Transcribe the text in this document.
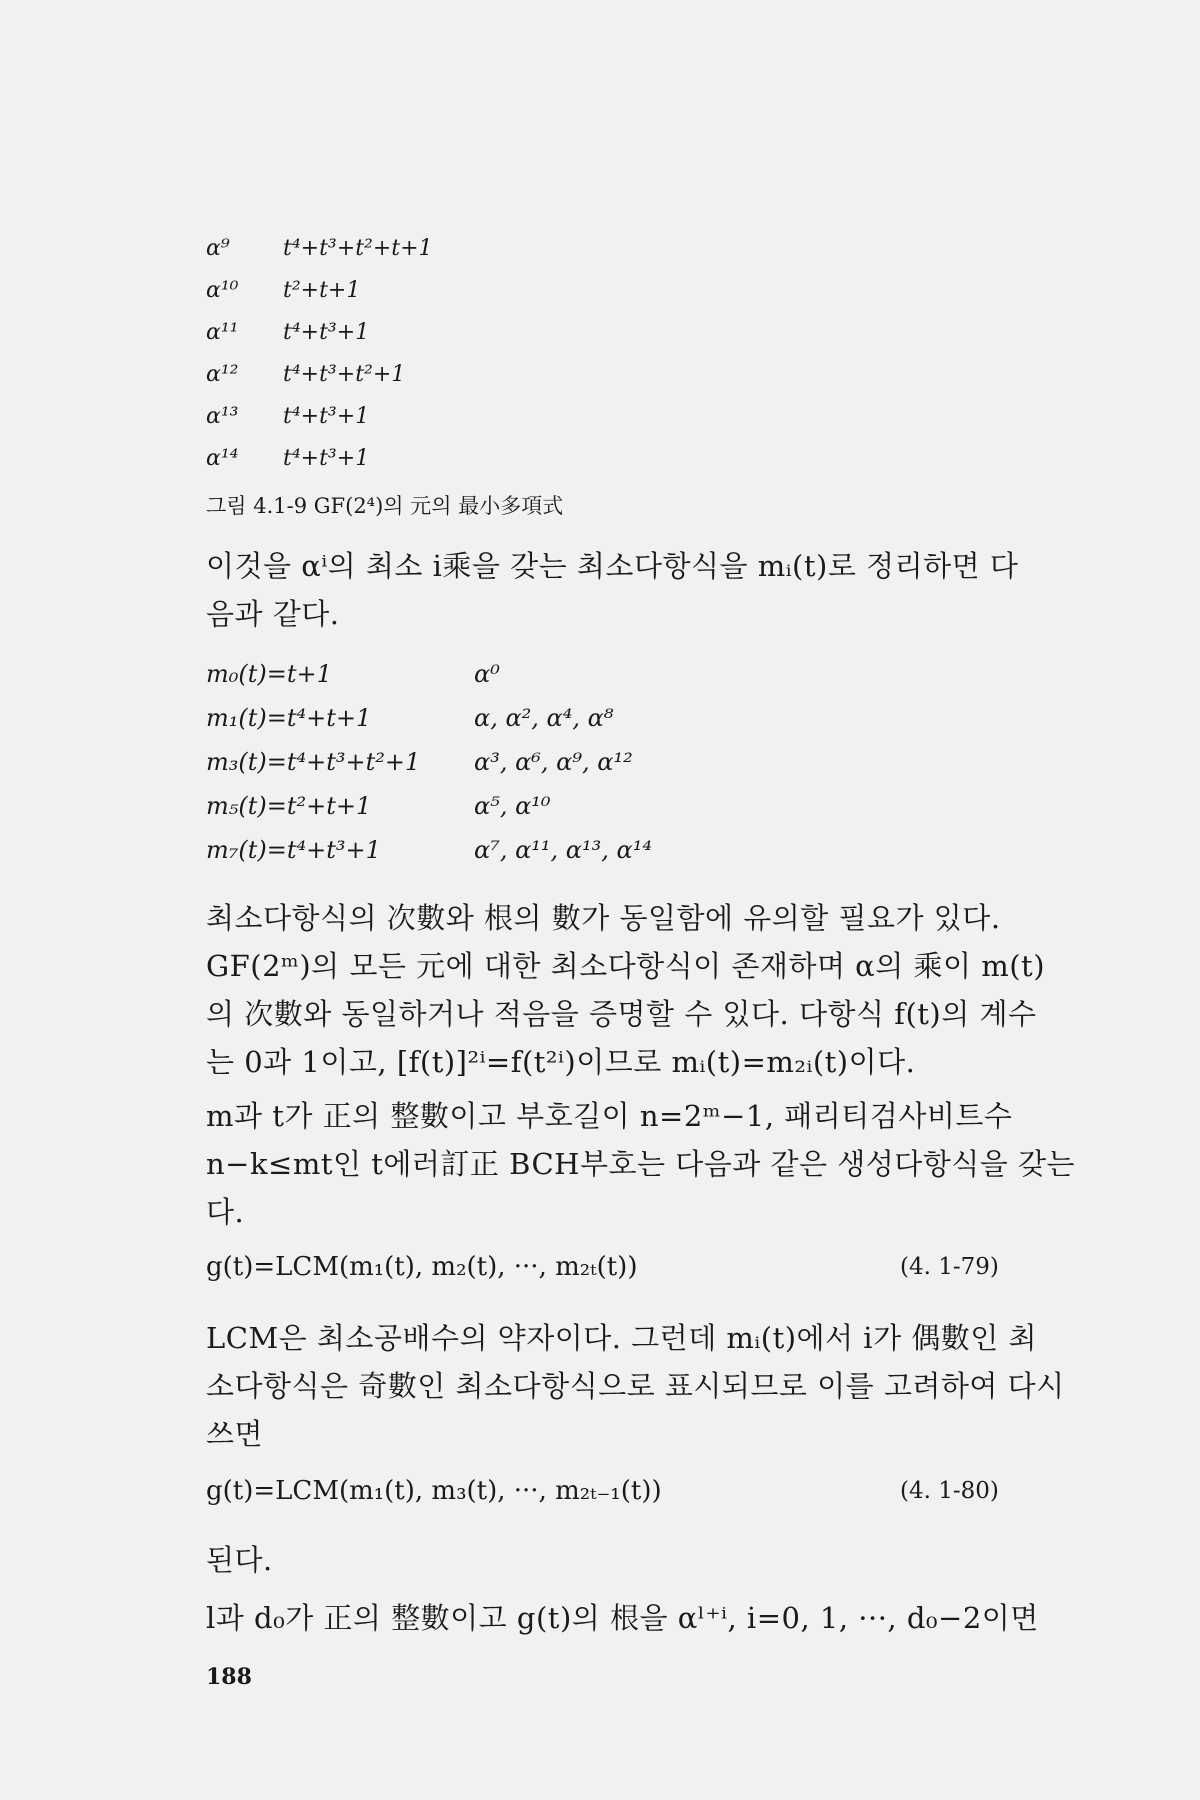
α⁹ t⁴+t³+t²+t+1
α¹⁰ t²+t+1
α¹¹ t⁴+t³+1
α¹² t⁴+t³+t²+1
α¹³ t⁴+t³+1
α¹⁴ t⁴+t³+1
그림 4.1-9 GF(2⁴)의 元의 最小多項式
이것을 αⁱ의 최소 i乘을 갖는 최소다항식을 mᵢ(t)로 정리하면 다
음과 같다.
m₀(t)=t+1	α⁰
m₁(t)=t⁴+t+1	α, α², α⁴, α⁸
m₃(t)=t⁴+t³+t²+1 α³, α⁶, α⁹, α¹²
m₅(t)=t²+t+1	α⁵, α¹⁰
m₇(t)=t⁴+t³+1	α⁷, α¹¹, α¹³, α¹⁴
최소다항식의 次數와 根의 數가 동일함에 유의할 필요가 있다.
GF(2ᵐ)의 모든 元에 대한 최소다항식이 존재하며 α의 乘이 m(t)
의 次數와 동일하거나 적음을 증명할 수 있다. 다항식 f(t)의 계수
는 0과 1이고, [f(t)]²ⁱ=f(t²ⁱ)이므로 mᵢ(t)=m₂ᵢ(t)이다.
m과 t가 正의 整數이고 부호길이 n=2ᵐ−1, 패리티검사비트수
n−k≤mt인 t에러訂正 BCH부호는 다음과 같은 생성다항식을 갖는
다.
g(t)=LCM(m₁(t), m₂(t), ···, m₂ₜ(t))	(4. 1-79)
LCM은 최소공배수의 약자이다. 그런데 mᵢ(t)에서 i가 偶數인 최
소다항식은 奇數인 최소다항식으로 표시되므로 이를 고려하여 다시
쓰면
g(t)=LCM(m₁(t), m₃(t), ···, m₂ₜ₋₁(t))	(4. 1-80)
된다.
l과 d₀가 正의 整數이고 g(t)의 根을 αˡ⁺ⁱ, i=0, 1, ···, d₀−2이면
188
